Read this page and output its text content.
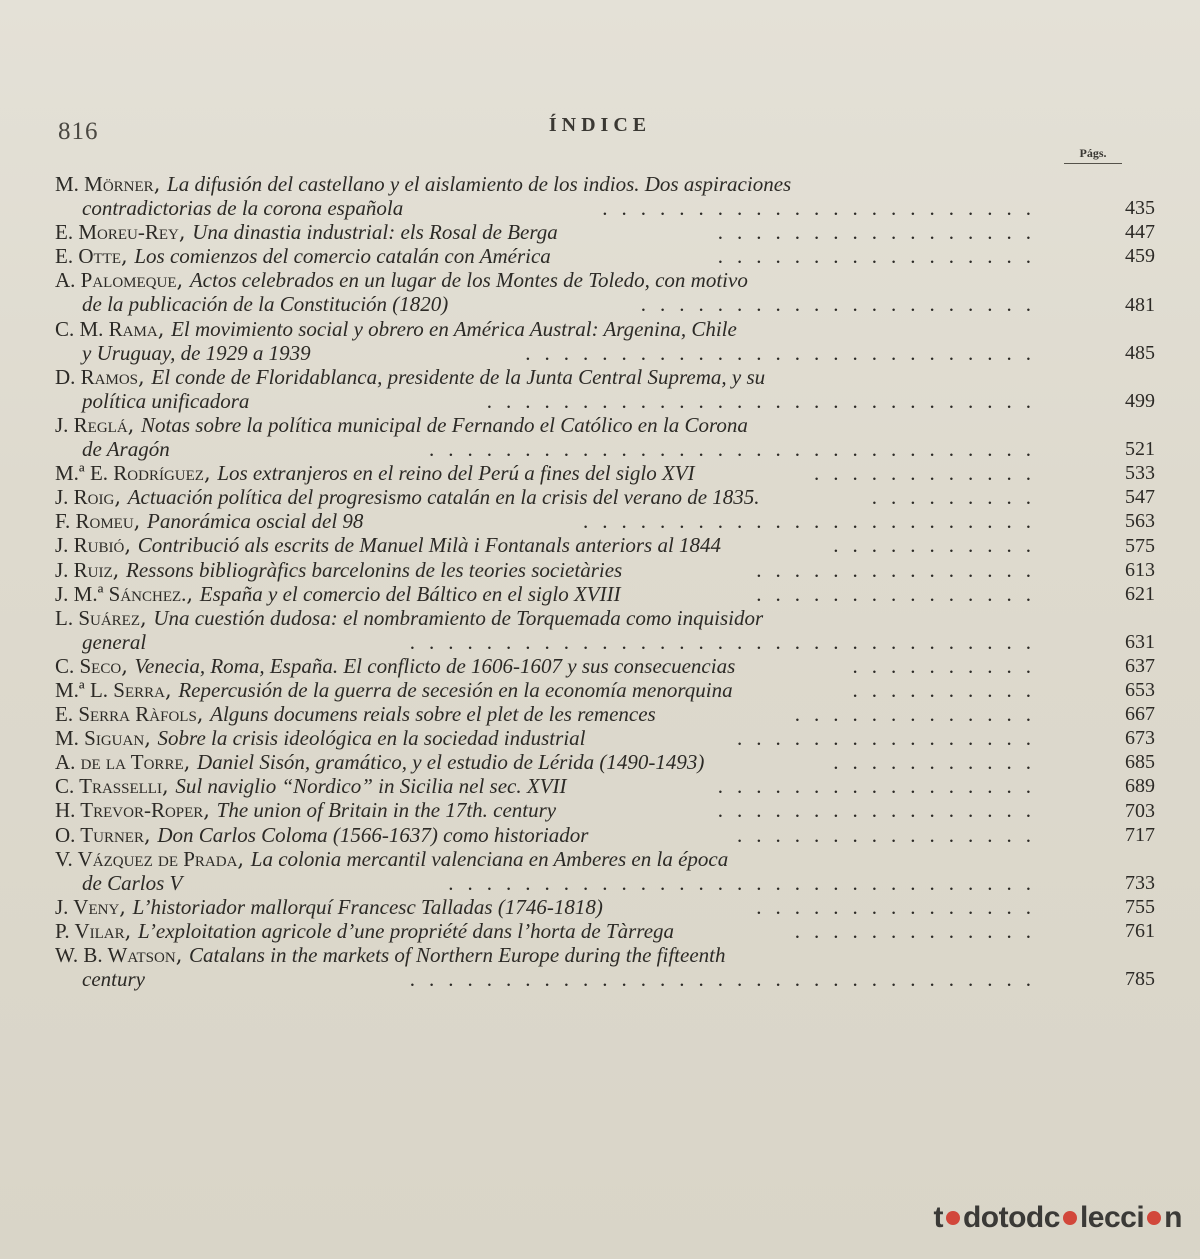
816	ÍNDICE
Págs.
M. Mörner, La difusión del castellano y el aislamiento de los indios. Dos aspiraciones
contradictorias de la corona española	.......................	435
E. Moreu-Rey, Una dinastia industrial: els Rosal de Berga	.................	447
E. Otte, Los comienzos del comercio catalán con América	.................	459
A. Palomeque, Actos celebrados en un lugar de los Montes de Toledo, con motivo
de la publicación de la Constitución (1820)	.....................	481
C. M. Rama, El movimiento social y obrero en América Austral: Argenina, Chile
y Uruguay, de 1929 a 1939	...........................	485
D. Ramos, El conde de Floridablanca, presidente de la Junta Central Suprema, y su
política unificadora	.............................	499
J. Reglá, Notas sobre la política municipal de Fernando el Católico en la Corona
de Aragón	................................	521
M.ª E. Rodríguez, Los extranjeros en el reino del Perú a fines del siglo XVI	............	533
J. Roig, Actuación política del progresismo catalán en la crisis del verano de 1835.	.........	547
F. Romeu, Panorámica oscial del 98	........................	563
J. Rubió, Contribució als escrits de Manuel Milà i Fontanals anteriors al 1844	...........	575
J. Ruiz, Ressons bibliogràfics barcelonins de les teories societàries	...............	613
J. M.ª Sánchez., España y el comercio del Báltico en el siglo XVIII	...............	621
L. Suárez, Una cuestión dudosa: el nombramiento de Torquemada como inquisidor
general	.................................	631
C. Seco, Venecia, Roma, España. El conflicto de 1606-1607 y sus consecuencias	..........	637
M.ª L. Serra, Repercusión de la guerra de secesión en la economía menorquina	..........	653
E. Serra Ràfols, Alguns documens reials sobre el plet de les remences	.............	667
M. Siguan, Sobre la crisis ideológica en la sociedad industrial	................	673
A. de la Torre, Daniel Sisón, gramático, y el estudio de Lérida (1490-1493)	...........	685
C. Trasselli, Sul naviglio “Nordico” in Sicilia nel sec. XVII	.................	689
H. Trevor-Roper, The union of Britain in the 17th. century	.................	703
O. Turner, Don Carlos Coloma (1566-1637) como historiador	................	717
V. Vázquez de Prada, La colonia mercantil valenciana en Amberes en la época
de Carlos V	...............................	733
J. Veny, L’historiador mallorquí Francesc Talladas (1746-1818)	...............	755
P. Vilar, L’exploitation agricole d’une propriété dans l’horta de Tàrrega	.............	761
W. B. Watson, Catalans in the markets of Northern Europe during the fifteenth
century	.................................	785
t dotodc lecci n
